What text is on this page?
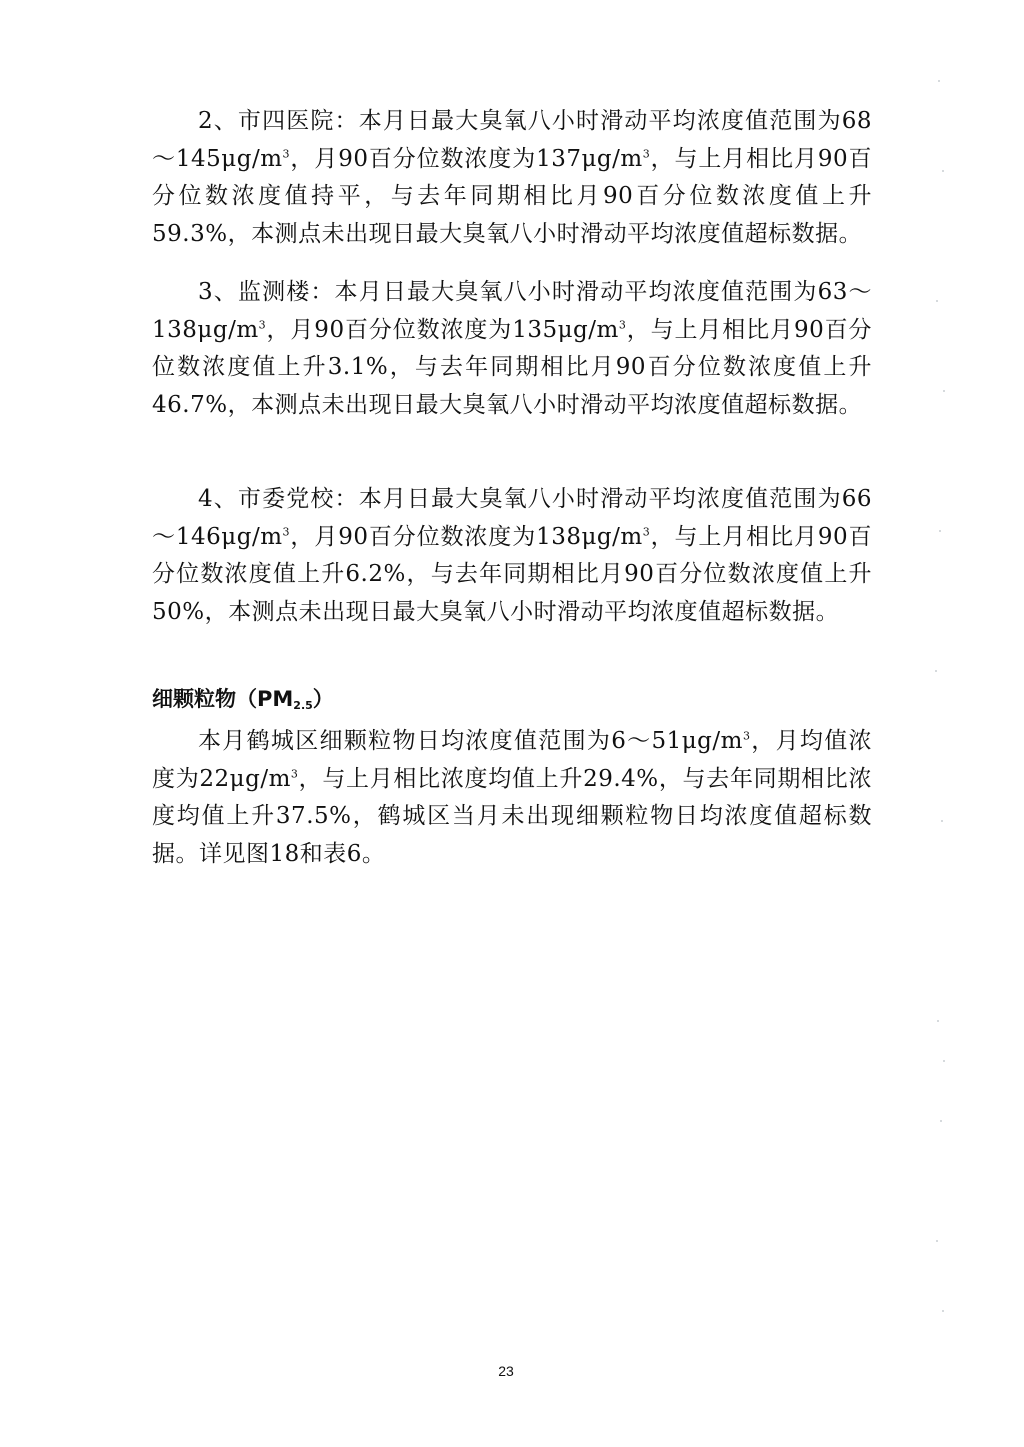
2、市四医院：本月日最大臭氧八小时滑动平均浓度值范围为$68\sim 145\mu g/m^3$，月90百分位数浓度为$137\mu g/m^3$，与上月相比月90百分位数浓度值持平，与去年同期相比月90百分位数浓度值上升59.3%，本测点未出现日最大臭氧八小时滑动平均浓度值超标数据。

3、监测楼：本月日最大臭氧八小时滑动平均浓度值范围为$63\sim 138\mu g/m^3$，月90百分位数浓度为$135\mu g/m^3$，与上月相比月90百分位数浓度值上升3.1%，与去年同期相比月90百分位数浓度值上升46.7%，本测点未出现日最大臭氧八小时滑动平均浓度值超标数据。

4、市委党校：本月日最大臭氧八小时滑动平均浓度值范围为$66\sim 146\mu g/m^3$，月90百分位数浓度为$138\mu g/m^3$，与上月相比月90百分位数浓度值上升6.2%，与去年同期相比月90百分位数浓度值上升50%，本测点未出现日最大臭氧八小时滑动平均浓度值超标数据。

细颗粒物$(PM_{2.5})$

本月鹤城区细颗粒物日均浓度值范围为$6\sim 51\mu g/m^3$，月均值浓度为$22\mu g/m^3$，与上月相比浓度均值上升29.4%，与去年同期相比浓度均值上升37.5%，鹤城区当月未出现细颗粒物日均浓度值超标数据。详见图18和表6。

23
